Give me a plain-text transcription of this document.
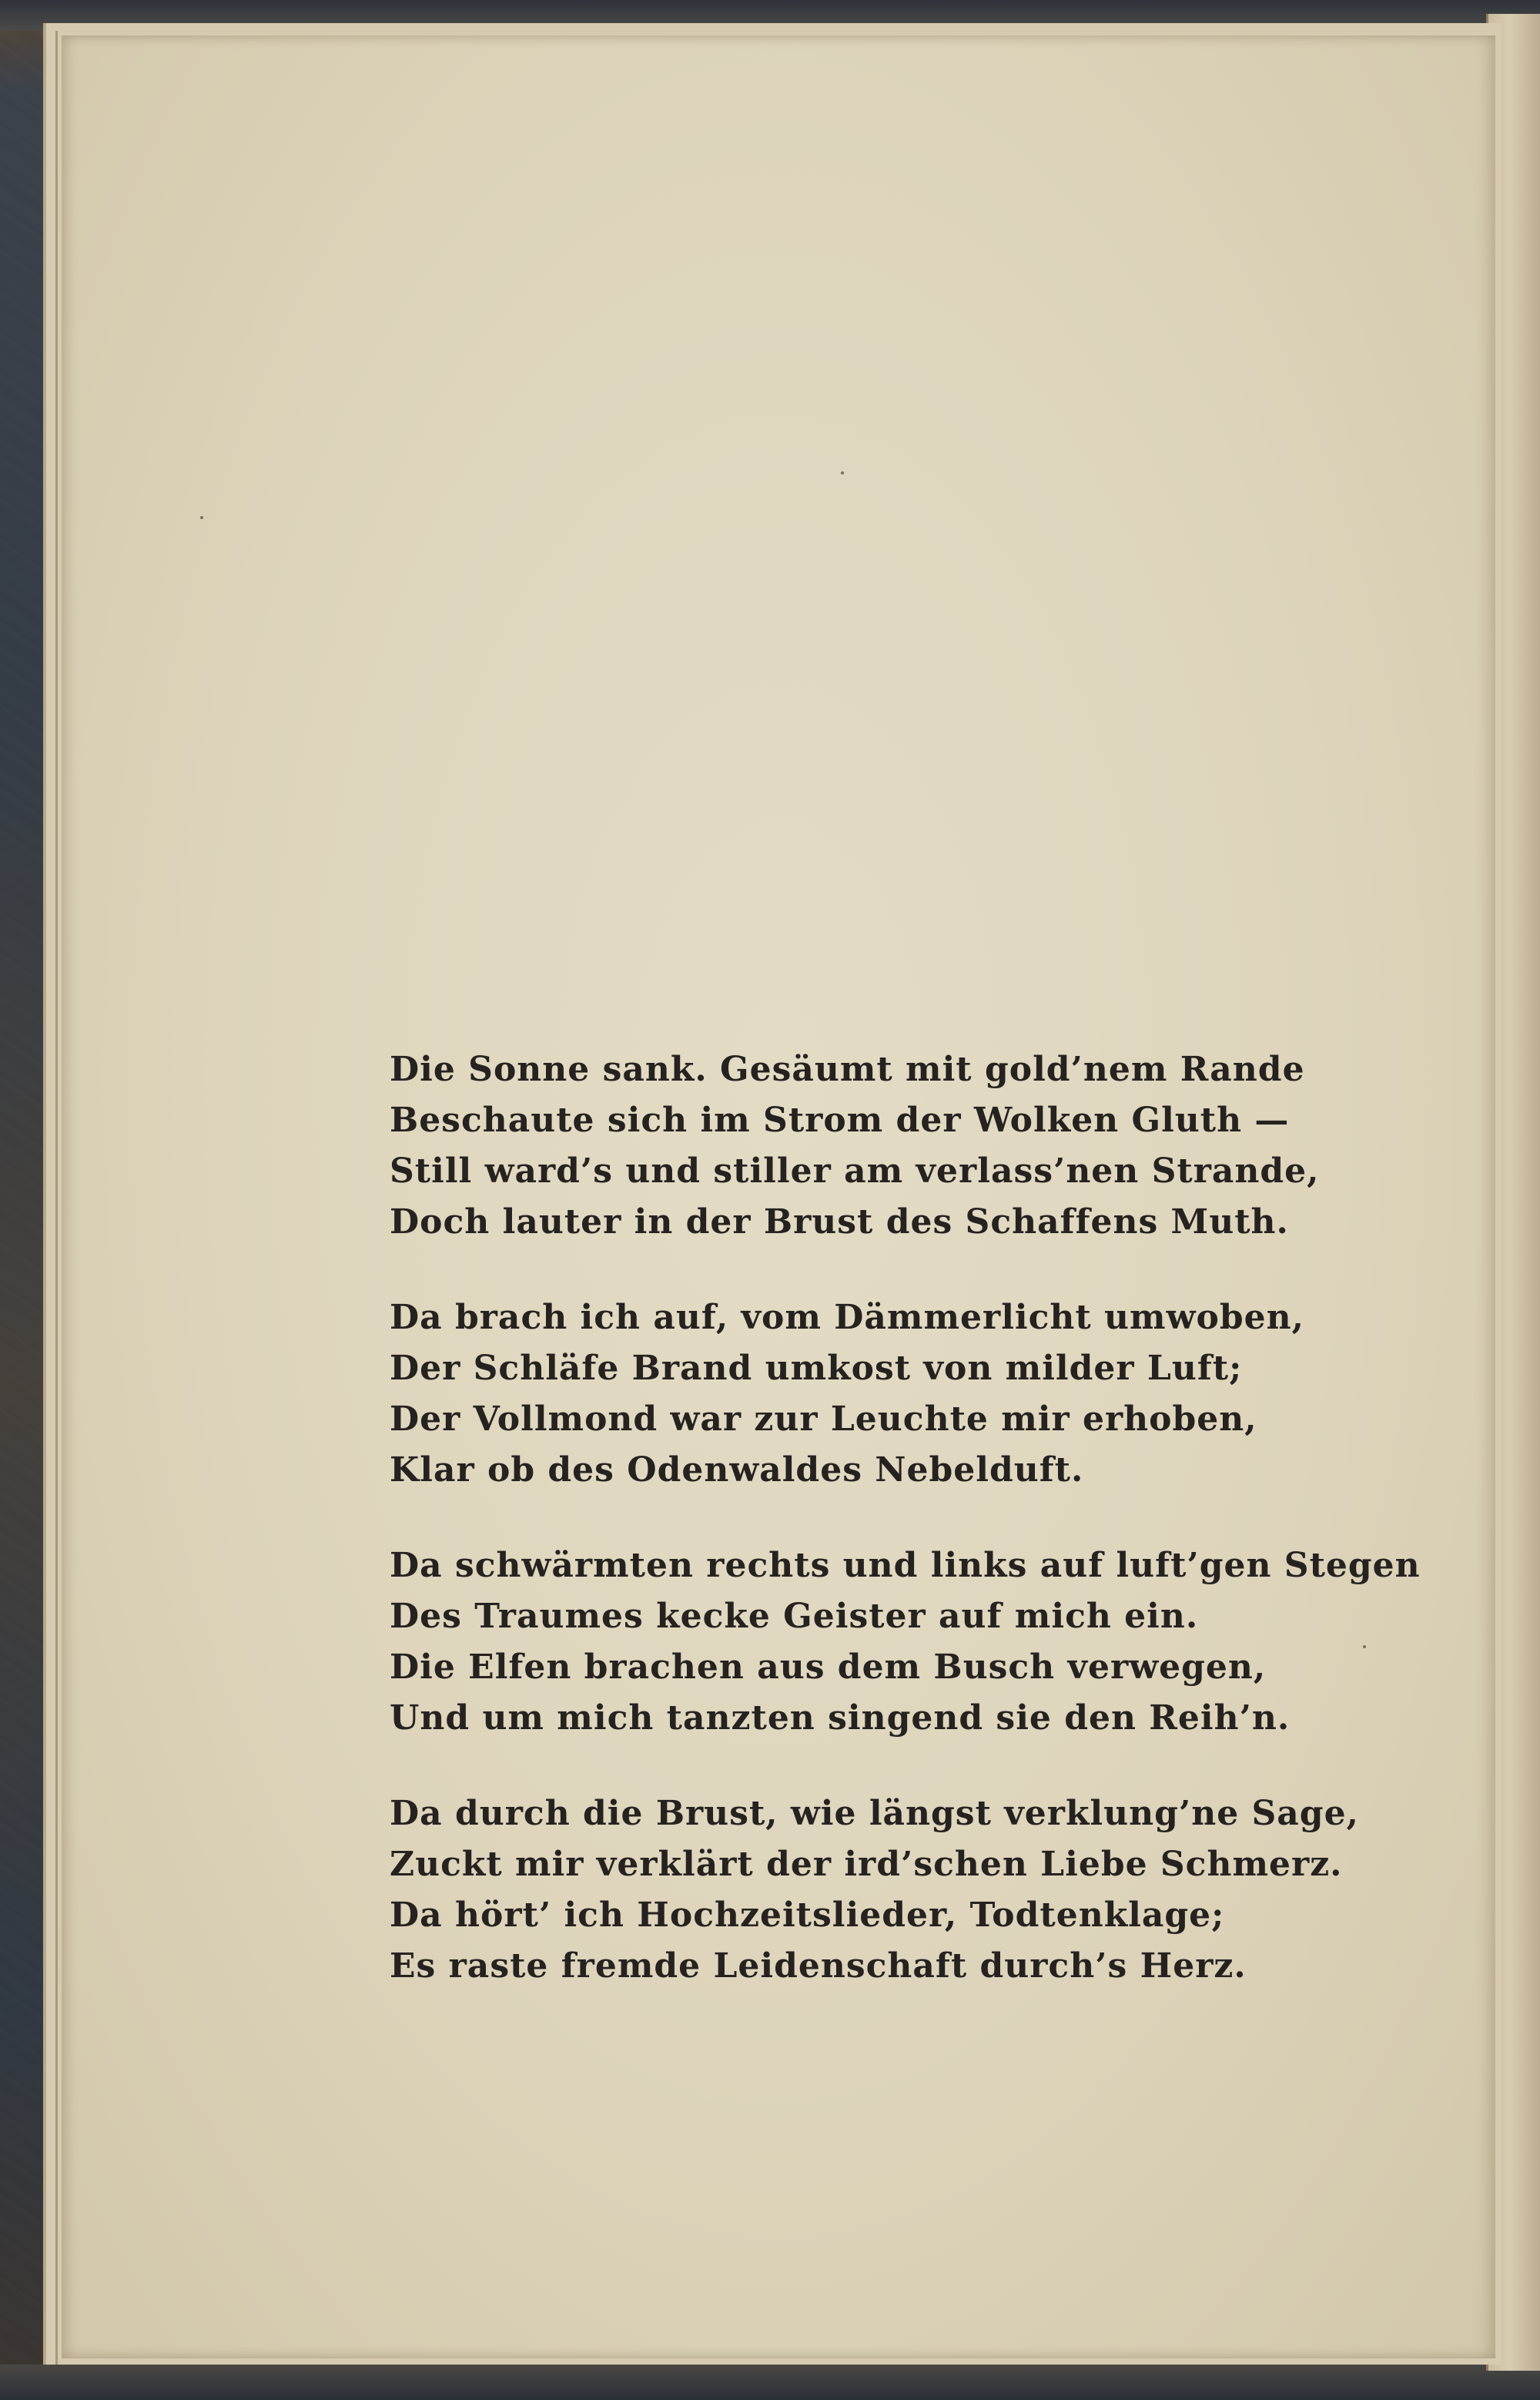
Die Sonne sank. Gesäumt mit gold’nem Rande
Beschaute sich im Strom der Wolken Gluth —
Still ward’s und stiller am verlass’nen Strande,
Doch lauter in der Brust des Schaffens Muth.
Da brach ich auf, vom Dämmerlicht umwoben,
Der Schläfe Brand umkost von milder Luft;
Der Vollmond war zur Leuchte mir erhoben,
Klar ob des Odenwaldes Nebelduft.
Da schwärmten rechts und links auf luft’gen Stegen
Des Traumes kecke Geister auf mich ein.
Die Elfen brachen aus dem Busch verwegen,
Und um mich tanzten singend sie den Reih’n.
Da durch die Brust, wie längst verklung’ne Sage,
Zuckt mir verklärt der ird’schen Liebe Schmerz.
Da hört’ ich Hochzeitslieder, Todtenklage;
Es raste fremde Leidenschaft durch’s Herz.
